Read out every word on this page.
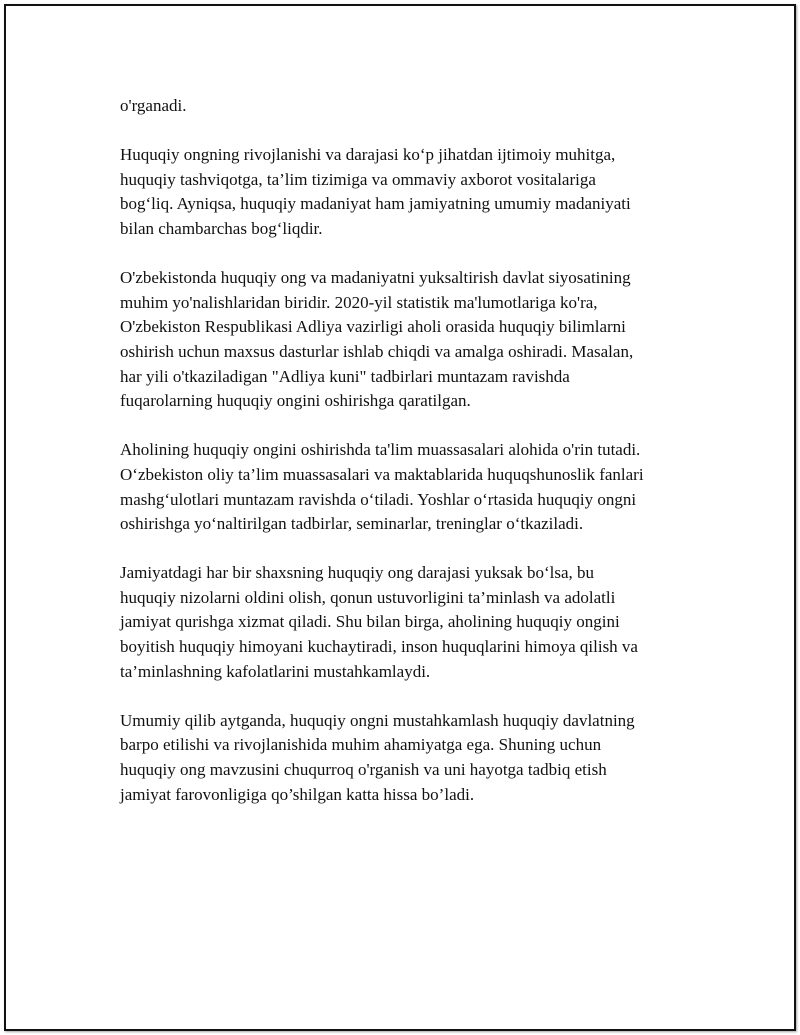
o'rganadi.

Huquqiy ongning rivojlanishi va darajasi ko‘p jihatdan ijtimoiy muhitga,
huquqiy tashviqotga, ta’lim tizimiga va ommaviy axborot vositalariga
bog‘liq. Ayniqsa, huquqiy madaniyat ham jamiyatning umumiy madaniyati
bilan chambarchas bog‘liqdir.

O'zbekistonda huquqiy ong va madaniyatni yuksaltirish davlat siyosatining
muhim yo'nalishlaridan biridir. 2020-yil statistik ma'lumotlariga ko'ra,
O'zbekiston Respublikasi Adliya vazirligi aholi orasida huquqiy bilimlarni
oshirish uchun maxsus dasturlar ishlab chiqdi va amalga oshiradi. Masalan,
har yili o'tkaziladigan "Adliya kuni" tadbirlari muntazam ravishda
fuqarolarning huquqiy ongini oshirishga qaratilgan.

Aholining huquqiy ongini oshirishda ta'lim muassasalari alohida o'rin tutadi.
O‘zbekiston oliy ta’lim muassasalari va maktablarida huquqshunoslik fanlari
mashg‘ulotlari muntazam ravishda o‘tiladi. Yoshlar o‘rtasida huquqiy ongni
oshirishga yo‘naltirilgan tadbirlar, seminarlar, treninglar o‘tkaziladi.

Jamiyatdagi har bir shaxsning huquqiy ong darajasi yuksak bo‘lsa, bu
huquqiy nizolarni oldini olish, qonun ustuvorligini ta’minlash va adolatli
jamiyat qurishga xizmat qiladi. Shu bilan birga, aholining huquqiy ongini
boyitish huquqiy himoyani kuchaytiradi, inson huquqlarini himoya qilish va
ta’minlashning kafolatlarini mustahkamlaydi.

Umumiy qilib aytganda, huquqiy ongni mustahkamlash huquqiy davlatning
barpo etilishi va rivojlanishida muhim ahamiyatga ega. Shuning uchun
huquqiy ong mavzusini chuqurroq o'rganish va uni hayotga tadbiq etish
jamiyat farovonligiga qo’shilgan katta hissa bo’ladi.
